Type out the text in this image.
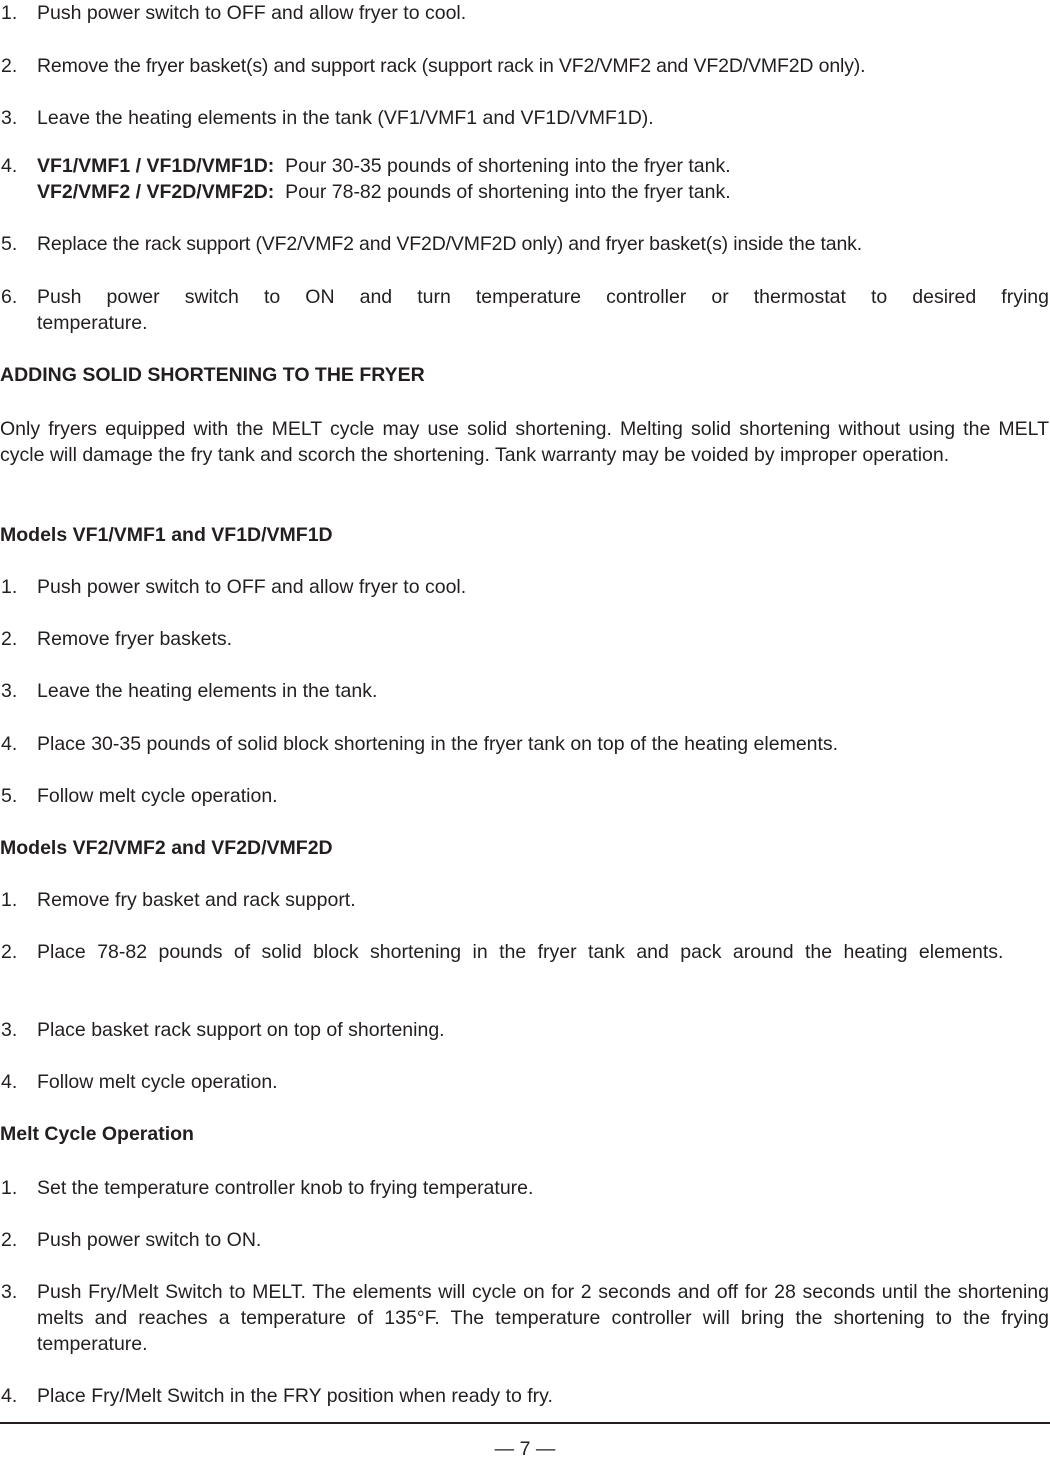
1.	Push power switch to OFF and allow fryer to cool.
2.	Remove the fryer basket(s) and support rack (support rack in VF2/VMF2 and VF2D/VMF2D only).
3.	Leave the heating elements in the tank (VF1/VMF1 and VF1D/VMF1D).
4.	VF1/VMF1 / VF1D/VMF1D: Pour 30-35 pounds of shortening into the fryer tank.
VF2/VMF2 / VF2D/VMF2D: Pour 78-82 pounds of shortening into the fryer tank.
5.	Replace the rack support (VF2/VMF2 and VF2D/VMF2D only) and fryer basket(s) inside the tank.
6.	Push power switch to ON and turn temperature controller or thermostat to desired frying temperature.
ADDING SOLID SHORTENING TO THE FRYER
Only fryers equipped with the MELT cycle may use solid shortening. Melting solid shortening without using the MELT cycle will damage the fry tank and scorch the shortening. Tank warranty may be voided by improper operation.
Models VF1/VMF1 and VF1D/VMF1D
1.	Push power switch to OFF and allow fryer to cool.
2.	Remove fryer baskets.
3.	Leave the heating elements in the tank.
4.	Place 30-35 pounds of solid block shortening in the fryer tank on top of the heating elements.
5.	Follow melt cycle operation.
Models VF2/VMF2 and VF2D/VMF2D
1.	Remove fry basket and rack support.
2.	Place 78-82 pounds of solid block shortening in the fryer tank and pack around the heating elements.
3.	Place basket rack support on top of shortening.
4.	Follow melt cycle operation.
Melt Cycle Operation
1.	Set the temperature controller knob to frying temperature.
2.	Push power switch to ON.
3.	Push Fry/Melt Switch to MELT. The elements will cycle on for 2 seconds and off for 28 seconds until the shortening melts and reaches a temperature of 135°F. The temperature controller will bring the shortening to the frying temperature.
4.	Place Fry/Melt Switch in the FRY position when ready to fry.
— 7 —
